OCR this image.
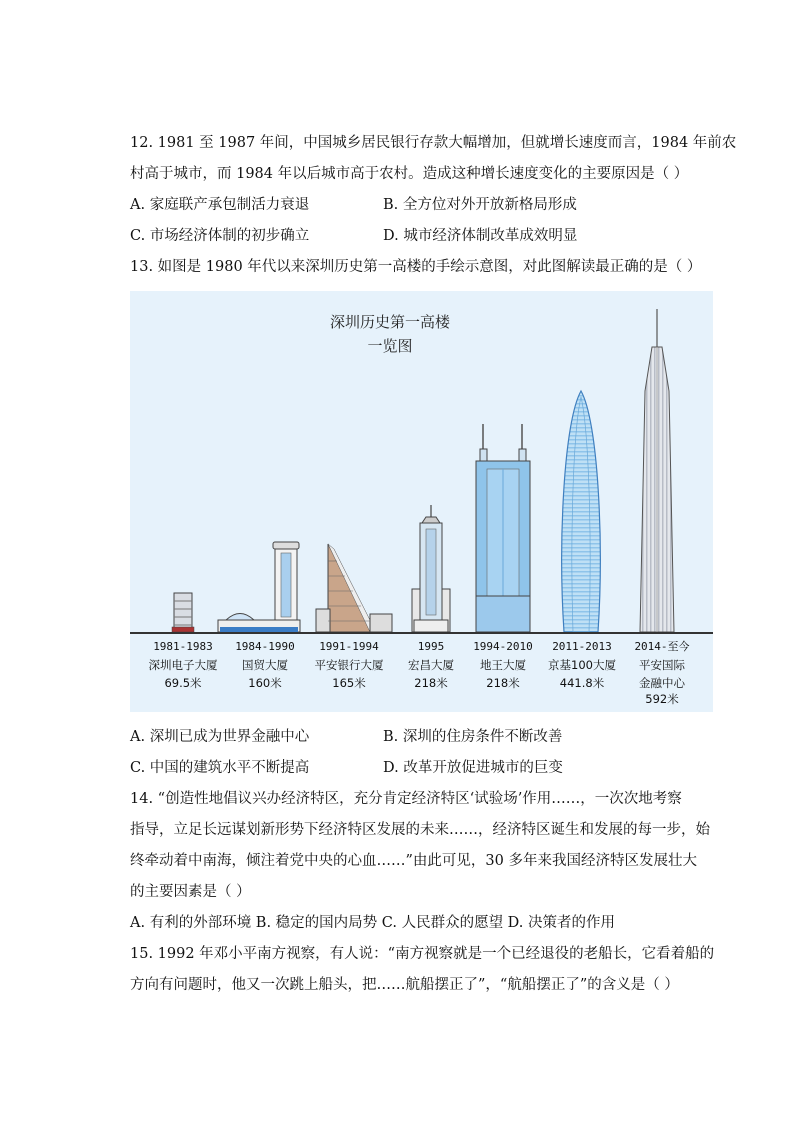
12. 1981 至 1987 年间，中国城乡居民银行存款大幅增加，但就增长速度而言，1984 年前农
村高于城市，而 1984 年以后城市高于农村。造成这种增长速度变化的主要原因是（ ）
A. 家庭联产承包制活力衰退	B. 全方位对外开放新格局形成
C. 市场经济体制的初步确立	D. 城市经济体制改革成效明显
13. 如图是 1980 年代以来深圳历史第一高楼的手绘示意图，对此图解读最正确的是（ ）
深圳历史第一高楼
一览图
1981-1983
深圳电子大厦
69.5米
1984-1990
国贸大厦
160米
1991-1994
平安银行大厦
165米
1995
宏昌大厦
218米
1994-2010
地王大厦
218米
2011-2013
京基100大厦
441.8米
2014-至今
平安国际
金融中心
592米
A. 深圳已成为世界金融中心	B. 深圳的住房条件不断改善
C. 中国的建筑水平不断提高	D. 改革开放促进城市的巨变
14. “创造性地倡议兴办经济特区，充分肯定经济特区‘试验场’作用……，一次次地考察
指导，立足长远谋划新形势下经济特区发展的未来……，经济特区诞生和发展的每一步，始
终牵动着中南海，倾注着党中央的心血……”由此可见，30 多年来我国经济特区发展壮大
的主要因素是（ ）
A. 有利的外部环境 B. 稳定的国内局势 C. 人民群众的愿望 D. 决策者的作用
15. 1992 年邓小平南方视察，有人说：“南方视察就是一个已经退役的老船长，它看着船的
方向有问题时，他又一次跳上船头，把……航船摆正了”，“航船摆正了”的含义是（ ）
